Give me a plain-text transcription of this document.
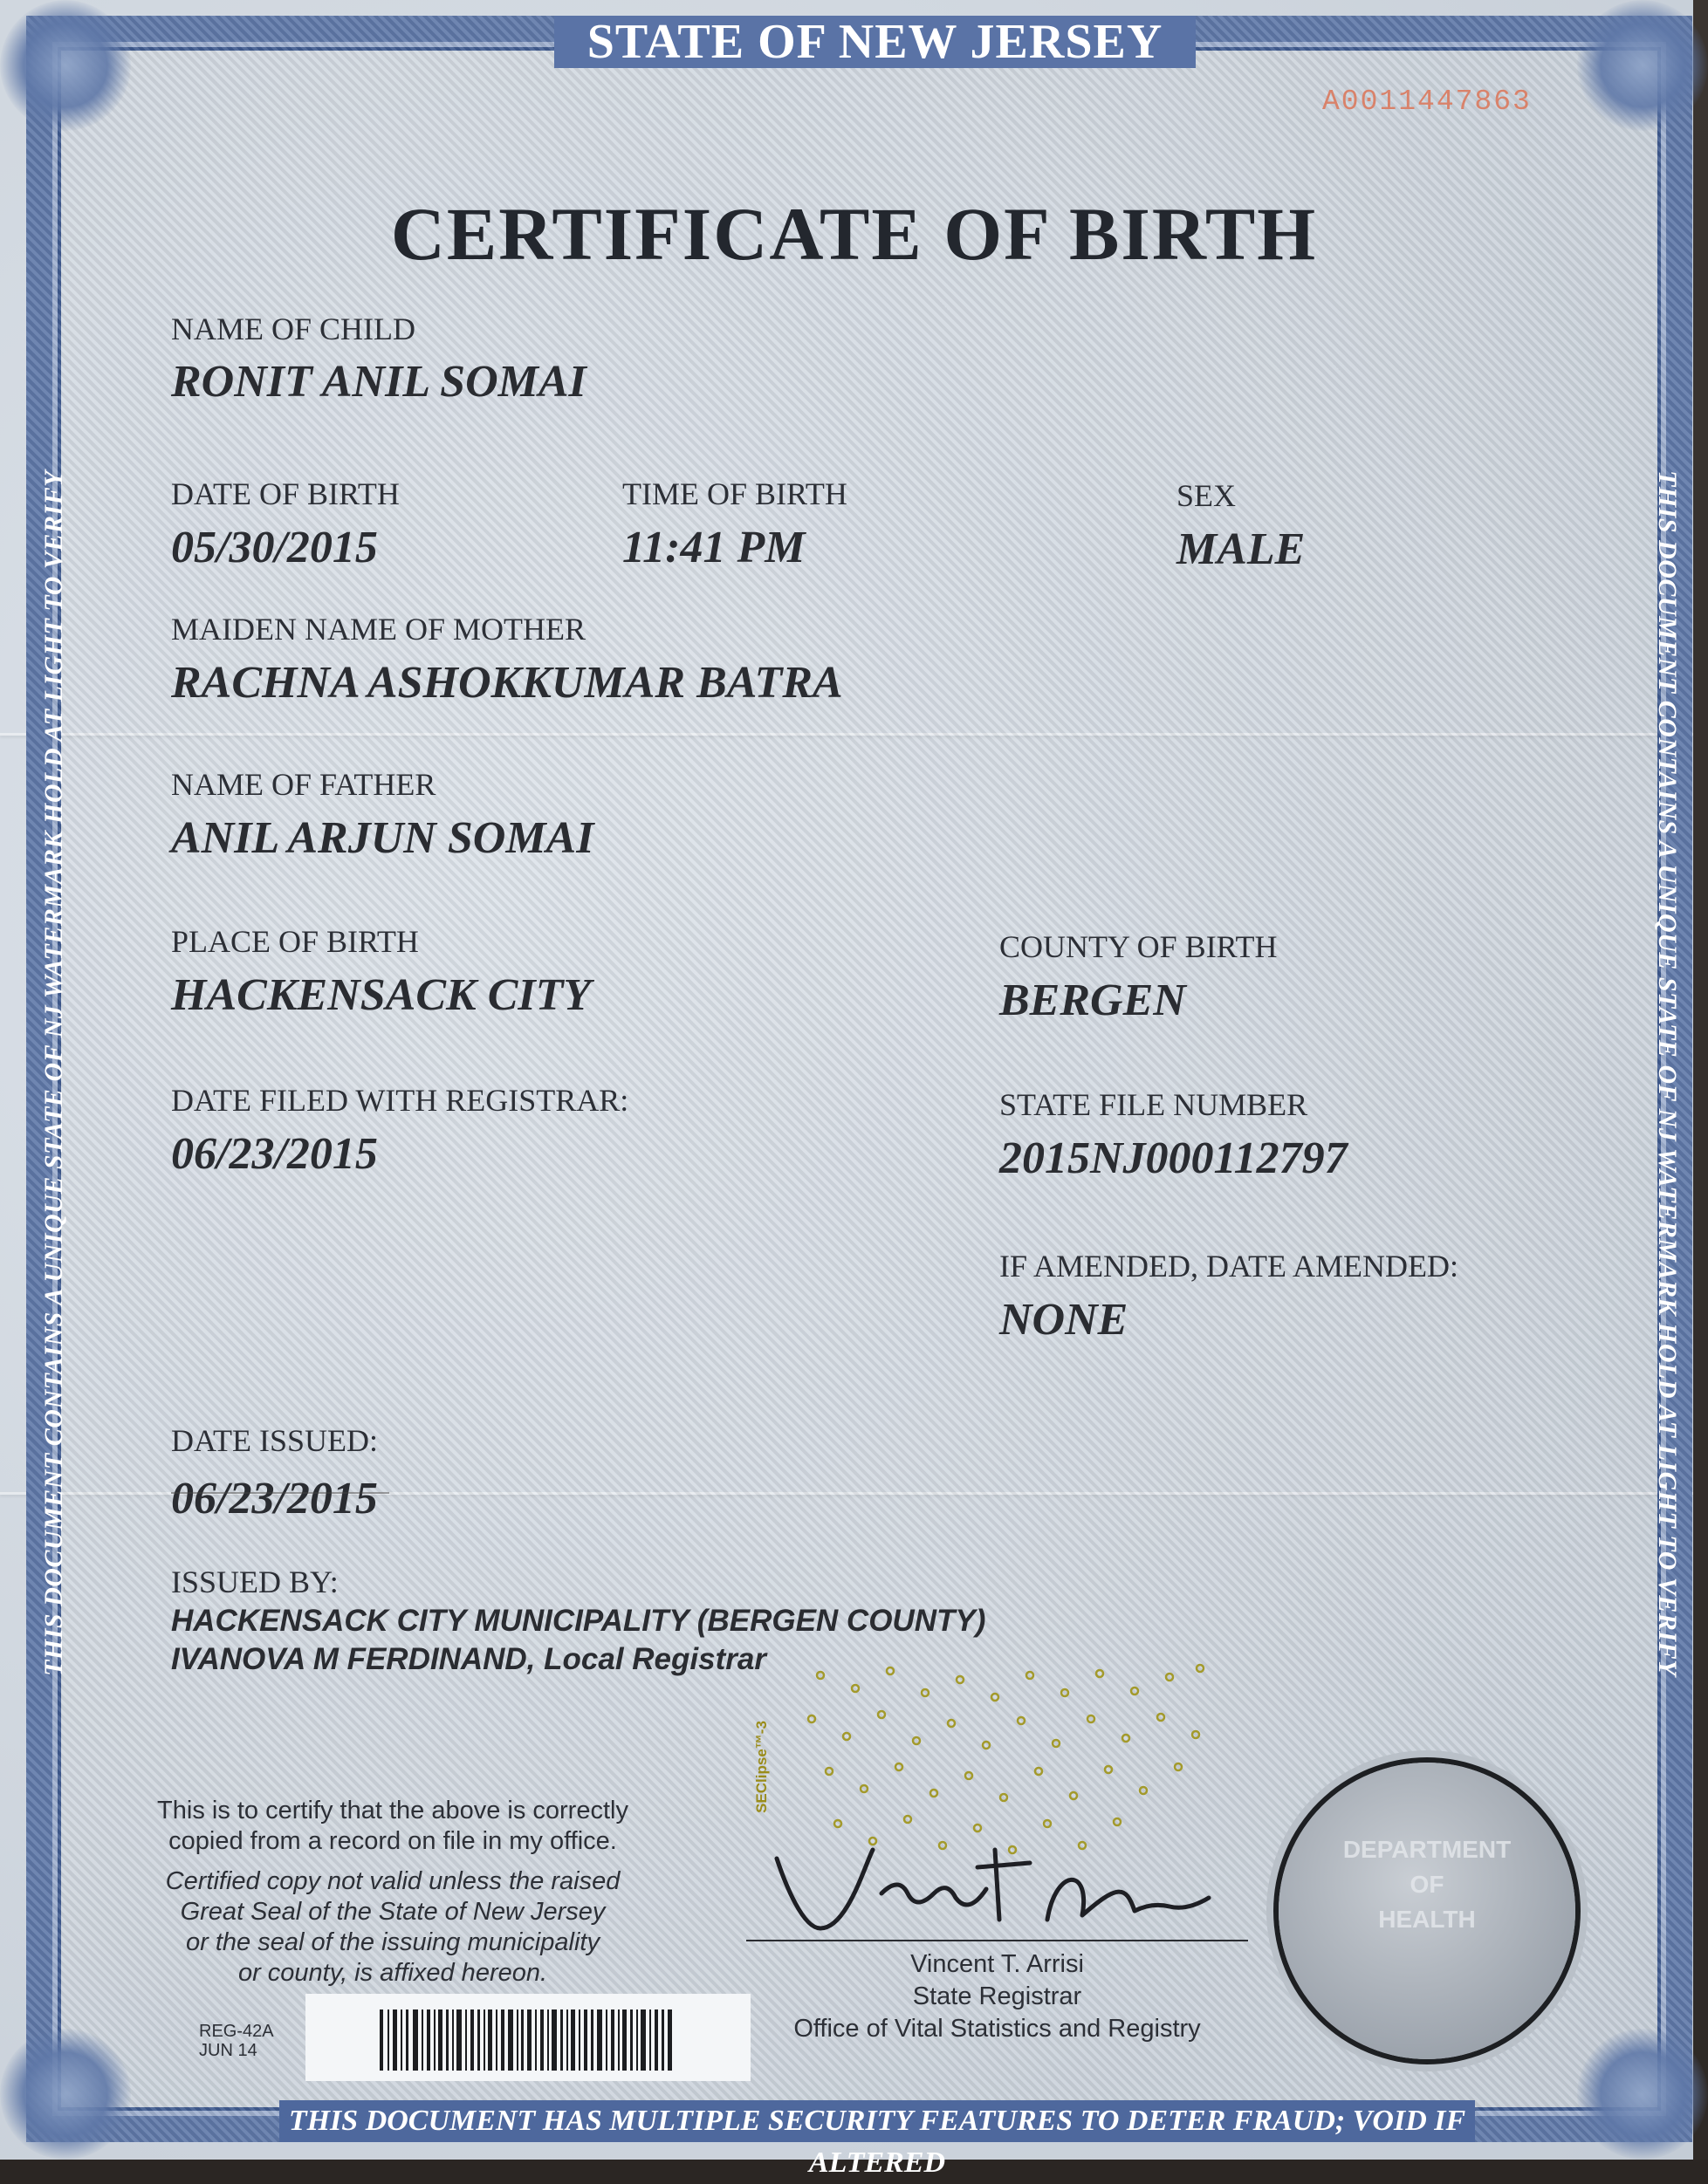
STATE OF NEW JERSEY
THIS DOCUMENT CONTAINS A UNIQUE STATE OF NJ WATERMARK HOLD AT LIGHT TO VERIFY	THIS DOCUMENT CONTAINS A UNIQUE STATE OF NJ WATERMARK HOLD AT LIGHT TO VERIFY
THIS DOCUMENT HAS MULTIPLE SECURITY FEATURES TO DETER FRAUD; VOID IF
A0011447863
CERTIFICATE OF BIRTH
NAME OF CHILD
RONIT ANIL SOMAI
DATE OF BIRTH
05/30/2015
TIME OF BIRTH
11:41 PM
SEX
MALE
MAIDEN NAME OF MOTHER
RACHNA ASHOKKUMAR BATRA
NAME OF FATHER
ANIL ARJUN SOMAI
PLACE OF BIRTH
HACKENSACK CITY
COUNTY OF BIRTH
BERGEN
DATE FILED WITH REGISTRAR:
06/23/2015
STATE FILE NUMBER
2015NJ000112797
IF AMENDED, DATE AMENDED:
NONE
DATE ISSUED:
06/23/2015
ISSUED BY:
HACKENSACK CITY MUNICIPALITY (BERGEN COUNTY)
IVANOVA M FERDINAND, Local Registrar
This is to certify that the above is correctly
copied from a record on file in my office.
Certified copy not valid unless the raised
Great Seal of the State of New Jersey
or the seal of the issuing municipality
or county, is affixed hereon.
REG-42A
JUN 14
SEClipse™-3
Vincent T. Arrisi
State Registrar
Office of Vital Statistics and Registry
DEPARTMENT
OF
HEALTH
